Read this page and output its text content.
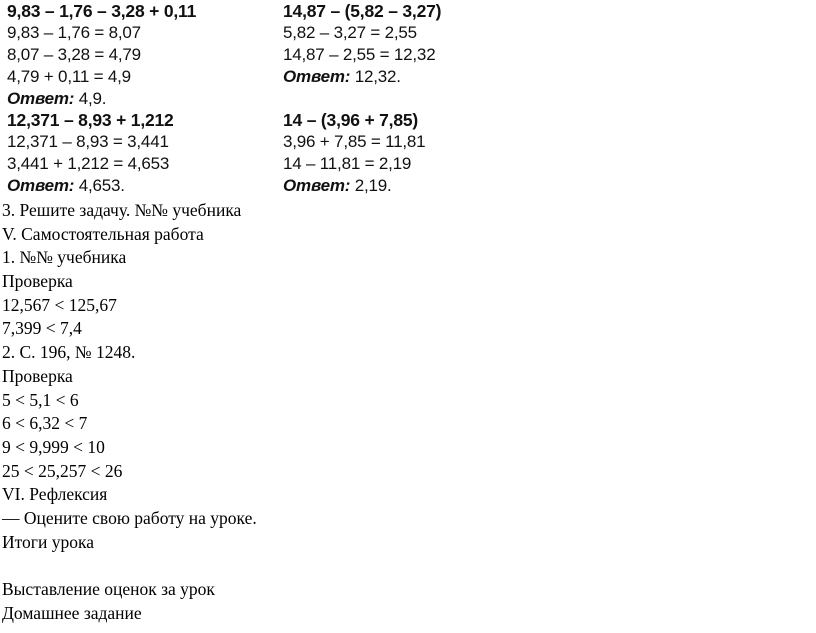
9,83 – 1,76 – 3,28 + 0,11
9,83 – 1,76 = 8,07
8,07 – 3,28 = 4,79
4,79 + 0,11 = 4,9
Ответ: 4,9.
12,371 – 8,93 + 1,212
12,371 – 8,93 = 3,441
3,441 + 1,212 = 4,653
Ответ: 4,653.
14,87 – (5,82 – 3,27)
5,82 – 3,27 = 2,55
14,87 – 2,55 = 12,32
Ответ: 12,32.
14 – (3,96 + 7,85)
3,96 + 7,85 = 11,81
14 – 11,81 = 2,19
Ответ: 2,19.
3. Решите задачу. №№ учебника
V. Самостоятельная работа
1. №№ учебника
Проверка
12,567 < 125,67
7,399 < 7,4
2. С. 196, № 1248.
Проверка
5 < 5,1 < 6
6 < 6,32 < 7
9 < 9,999 < 10
25 < 25,257 < 26
VI. Рефлексия
— Оцените свою работу на уроке.
Итоги урока
Выставление оценок за урок
Домашнее задание
